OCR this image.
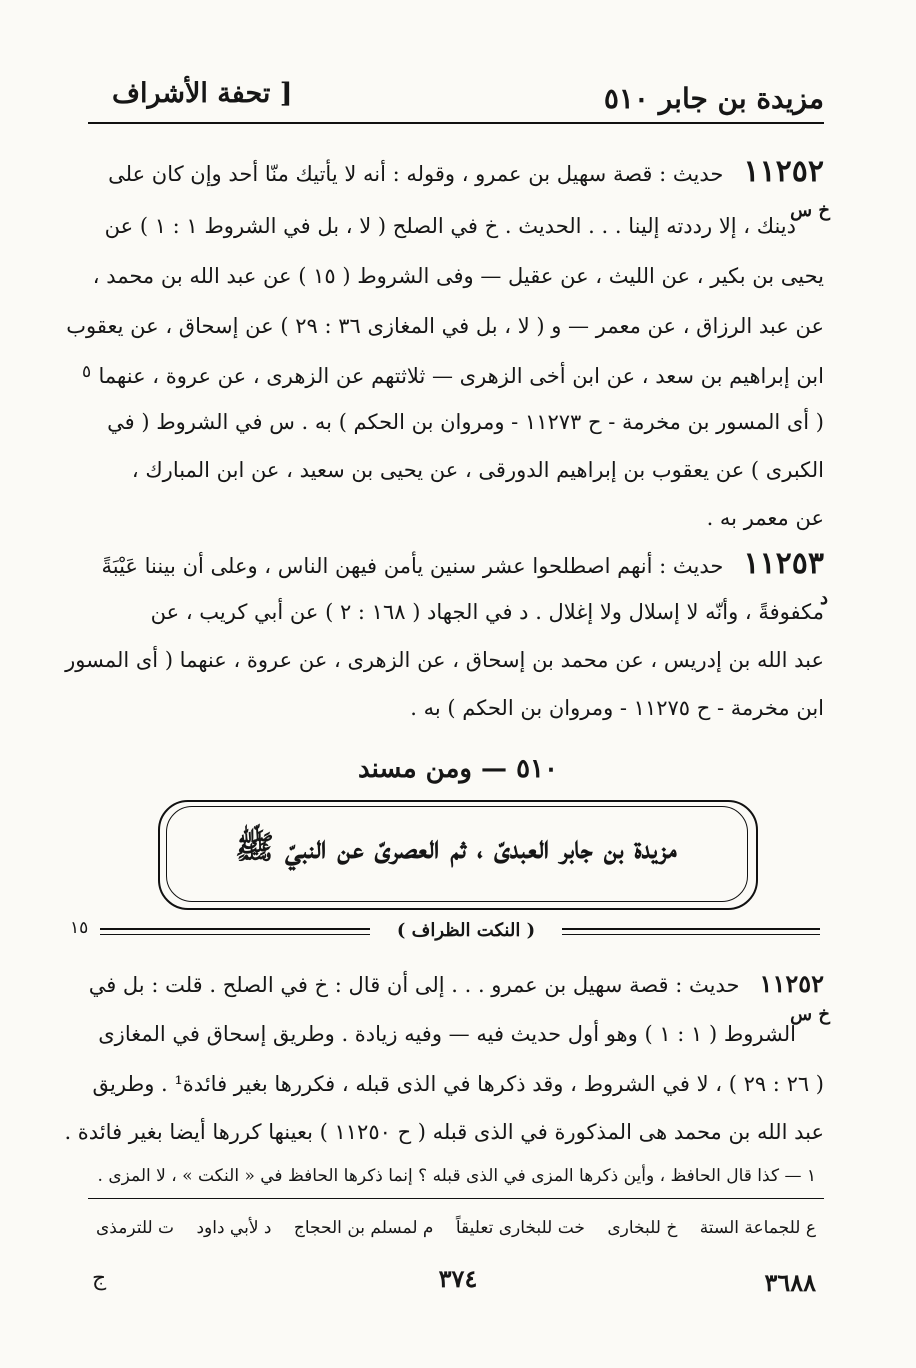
مزيدة بن جابر ٥١٠
[ تحفة الأشراف
١١٢٥٢   حديث : قصة سهيل بن عمرو ، وقوله : أنه لا يأتيك منّا أحد وإن كان على
خ س
دينك ، إلا رددته إلينا . . . الحديث . خ في الصلح ( لا ، بل في الشروط ١ : ١ ) عن
يحيى بن بكير ، عن الليث ، عن عقيل — وفى الشروط ( ١٥ ) عن عبد الله بن محمد ،
عن عبد الرزاق ، عن معمر — و ( لا ، بل في المغازى ٣٦ : ٢٩ ) عن إسحاق ، عن يعقوب
ابن إبراهيم بن سعد ، عن ابن أخى الزهرى — ثلاثتهم عن الزهرى ، عن عروة ، عنهما
٥
( أى المسور بن مخرمة - ح ١١٢٧٣ - ومروان بن الحكم ) به . س في الشروط ( في
الكبرى ) عن يعقوب بن إبراهيم الدورقى ، عن يحيى بن سعيد ، عن ابن المبارك ،
عن معمر به .
١١٢٥٣   حديث : أنهم اصطلحوا عشر سنين يأمن فيهن الناس ، وعلى أن بيننا عَيْبَةً
د
مكفوفةً ، وأنّه لا إسلال ولا إغلال . د في الجهاد ( ١٦٨ : ٢ ) عن أبي كريب ، عن
عبد الله بن إدريس ، عن محمد بن إسحاق ، عن الزهرى ، عن عروة ، عنهما ( أى المسور
ابن مخرمة - ح ١١٢٧٥ - ومروان بن الحكم ) به .
٥١٠ — ومن مسند
مزيدة بن جابر العبدىّ ، ثم العصرىّ عن النبيّ ﷺ
( النكت الظراف )
١٥
١١٢٥٢   حديث : قصة سهيل بن عمرو . . . إلى أن قال : خ في الصلح . قلت : بل في
خ س
الشروط ( ١ : ١ ) وهو أول حديث فيه — وفيه زيادة . وطريق إسحاق في المغازى
( ٢٦ : ٢٩ ) ، لا في الشروط ، وقد ذكرها في الذى قبله ، فكررها بغير فائدة¹ . وطريق
عبد الله بن محمد هى المذكورة في الذى قبله ( ح ١١٢٥٠ ) بعينها كررها أيضا بغير فائدة .
١ — كذا قال الحافظ ، وأين ذكرها المزى في الذى قبله ؟ إنما ذكرها الحافظ في « النكت » ، لا المزى .
ع للجماعة الستة
خ للبخارى
خت للبخارى تعليقاً
م لمسلم بن الحجاج
د لأبي داود
ت للترمذى
٣٧٤	٣٦٨٨
ج
